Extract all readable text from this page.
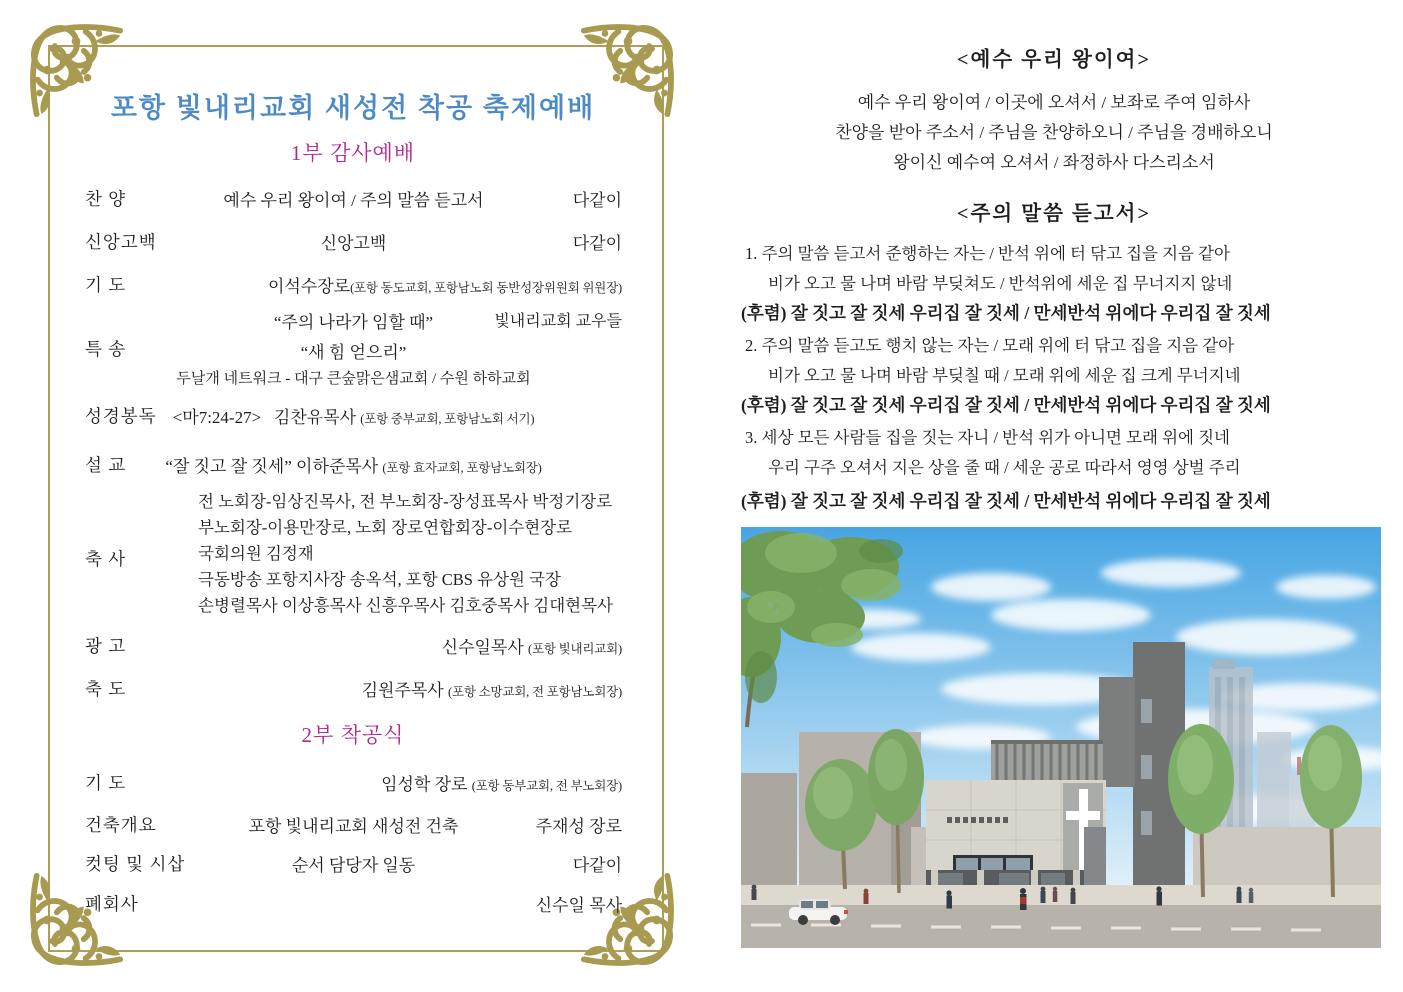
포항 빛내리교회 새성전 착공 축제예배
1부 감사예배
찬 양	예수 우리 왕이여 / 주의 말씀 듣고서	다같이
신앙고백	신앙고백	다같이
기 도	이석수장로(포항 동도교회, 포항남노회 동반성장위원회 위원장)
특 송
“주의 나라가 임할 때”	빛내리교회 교우들
“새 힘 얻으리”
두날개 네트워크 - 대구 큰숲맑은샘교회 / 수원 하하교회
성경봉독 <마7:24-27> 김찬유목사 (포항 중부교회, 포항남노회 서기)
설 교	“잘 짓고 잘 짓세” 이하준목사 (포항 효자교회, 포항남노회장)
축 사
전 노회장-임상진목사, 전 부노회장-장성표목사 박정기장로
부노회장-이용만장로, 노회 장로연합회장-이수현장로
국회의원 김정재
극동방송 포항지사장 송옥석, 포항 CBS 유상원 국장
손병렬목사 이상흥목사 신흥우목사 김호중목사 김대현목사
광 고	신수일목사 (포항 빛내리교회)
축 도	김원주목사 (포항 소망교회, 전 포항남노회장)
2부 착공식
기 도	임성학 장로 (포항 동부교회, 전 부노회장)
건축개요	포항 빛내리교회 새성전 건축	주재성 장로
컷팅 및 시삽	순서 담당자 일동	다같이
폐회사	신수일 목사
<예수 우리 왕이여>
예수 우리 왕이여 / 이곳에 오셔서 / 보좌로 주여 임하사
찬양을 받아 주소서 / 주님을 찬양하오니 / 주님을 경배하오니
왕이신 예수여 오셔서 / 좌정하사 다스리소서
<주의 말씀 듣고서>
1. 주의 말씀 듣고서 준행하는 자는 / 반석 위에 터 닦고 집을 지음 같아
비가 오고 물 나며 바람 부딪쳐도 / 반석위에 세운 집 무너지지 않네
(후렴) 잘 짓고 잘 짓세 우리집 잘 짓세 / 만세반석 위에다 우리집 잘 짓세
2. 주의 말씀 듣고도 행치 않는 자는 / 모래 위에 터 닦고 집을 지음 같아
비가 오고 물 나며 바람 부딪칠 때 / 모래 위에 세운 집 크게 무너지네
(후렴) 잘 짓고 잘 짓세 우리집 잘 짓세 / 만세반석 위에다 우리집 잘 짓세
3. 세상 모든 사람들 집을 짓는 자니 / 반석 위가 아니면 모래 위에 짓네
우리 구주 오셔서 지은 상을 줄 때 / 세운 공로 따라서 영영 상벌 주리
(후렴) 잘 짓고 잘 짓세 우리집 잘 짓세 / 만세반석 위에다 우리집 잘 짓세
